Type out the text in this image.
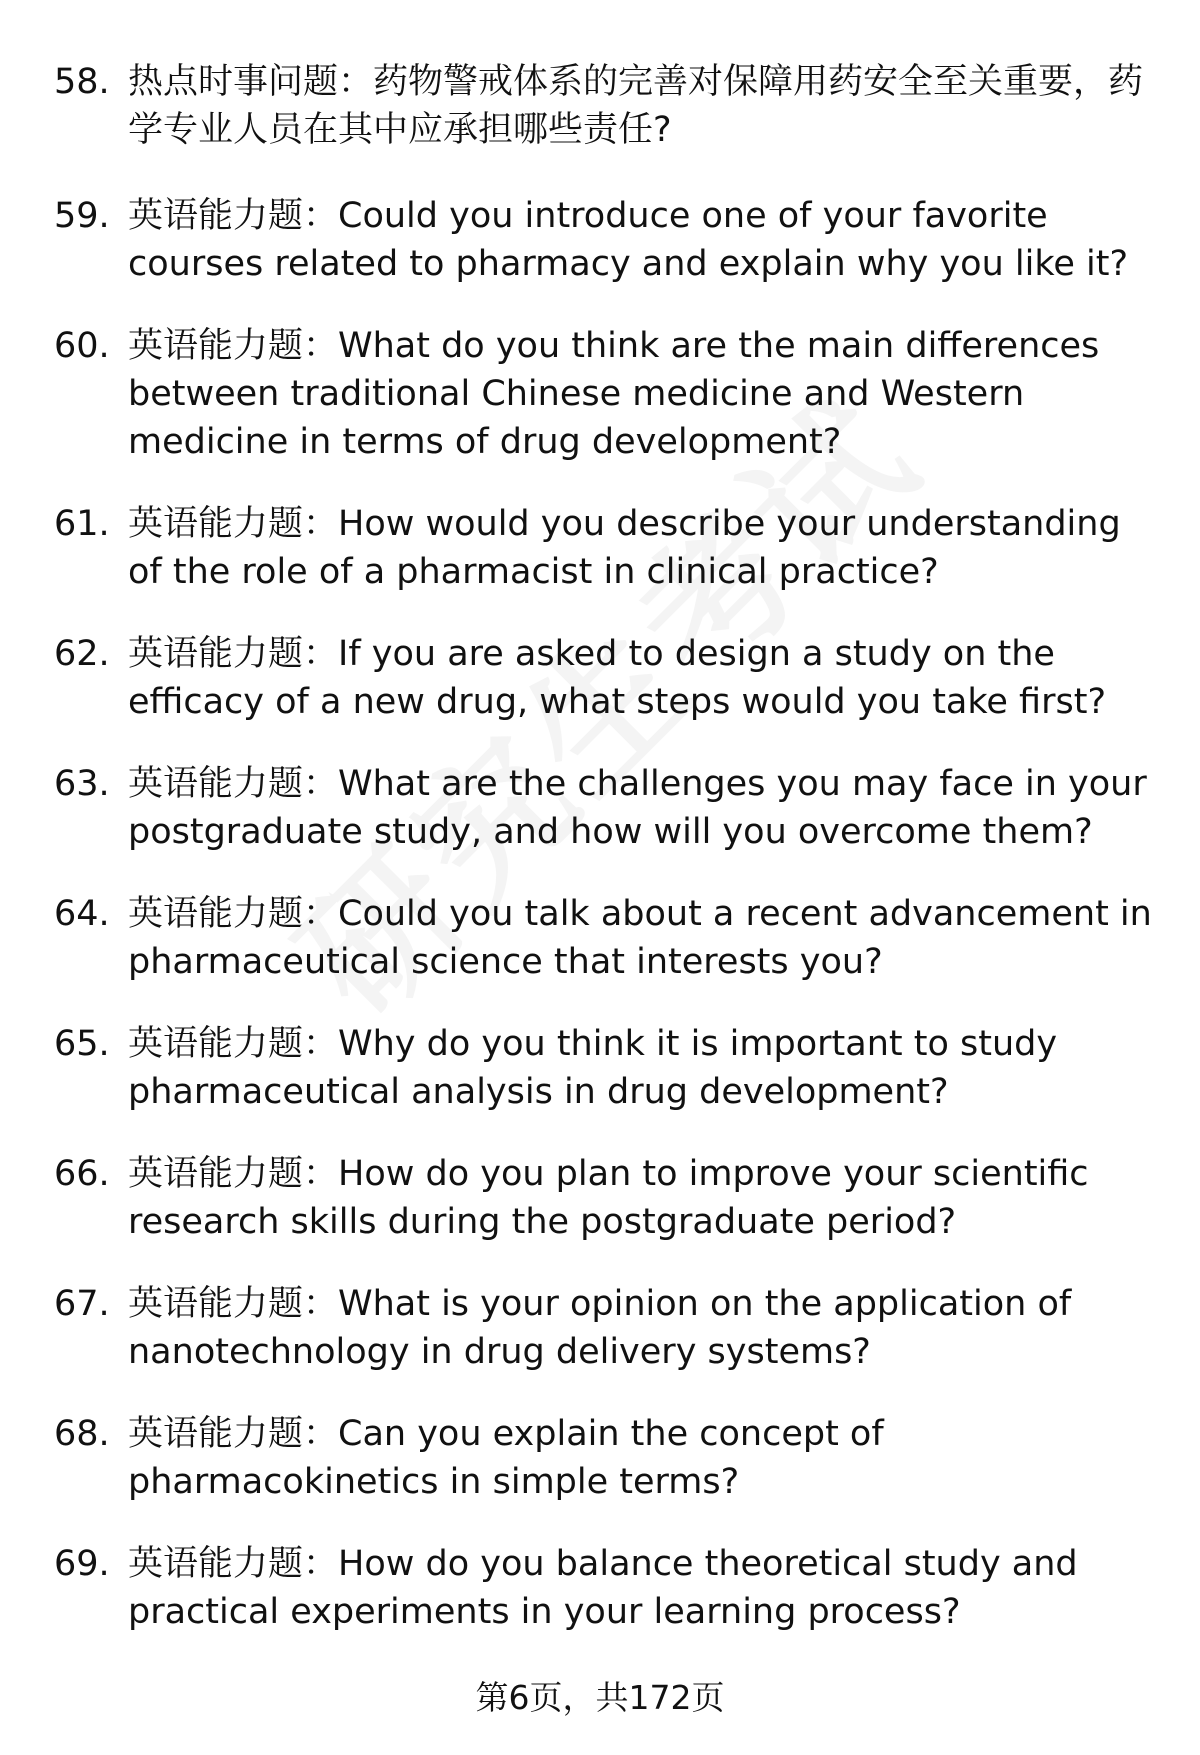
58. 热点时事问题：药物警戒体系的完善对保障用药安全至关重要，药学专业人员在其中应承担哪些责任?
59. 英语能力题：Could you introduce one of your favorite courses related to pharmacy and explain why you like it?
60. 英语能力题：What do you think are the main differences between traditional Chinese medicine and Western medicine in terms of drug development?
61. 英语能力题：How would you describe your understanding of the role of a pharmacist in clinical practice?
62. 英语能力题：If you are asked to design a study on the efficacy of a new drug, what steps would you take first?
63. 英语能力题：What are the challenges you may face in your postgraduate study, and how will you overcome them?
64. 英语能力题：Could you talk about a recent advancement in pharmaceutical science that interests you?
65. 英语能力题：Why do you think it is important to study pharmaceutical analysis in drug development?
66. 英语能力题：How do you plan to improve your scientific research skills during the postgraduate period?
67. 英语能力题：What is your opinion on the application of nanotechnology in drug delivery systems?
68. 英语能力题：Can you explain the concept of pharmacokinetics in simple terms?
69. 英语能力题：How do you balance theoretical study and practical experiments in your learning process?
第6页，共172页
